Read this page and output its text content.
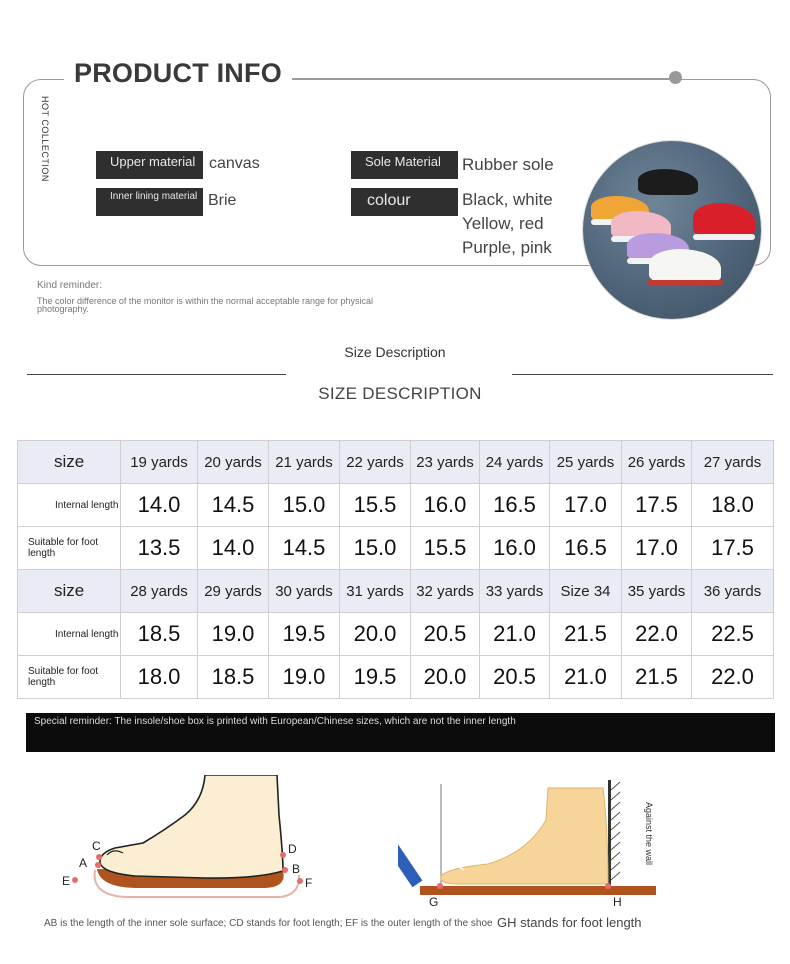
PRODUCT INFO
HOT COLLECTION	Upper material canvas
Inner lining material Brie
Sole Material	Rubber sole
colour	Black, white
Yellow, red
Purple, pink
Kind reminder:
The color difference of the monitor is within the normal acceptable range for physical photography.
Size Description
SIZE DESCRIPTION
size	19 yards	20 yards	21 yards	22 yards	23 yards	24 yards	25 yards	26 yards	27 yards
Internal length	14.0	14.5	15.0	15.5	16.0	16.5	17.0	17.5	18.0
Suitable for foot length	13.5	14.0	14.5	15.0	15.5	16.0	16.5	17.0	17.5
size	28 yards	29 yards	30 yards	31 yards	32 yards	33 yards	Size 34	35 yards	36 yards
Internal length	18.5	19.0	19.5	20.0	20.5	21.0	21.5	22.0	22.5
Suitable for foot length	18.0	18.5	19.0	19.5	20.0	20.5	21.0	21.5	22.0
Special reminder: The insole/shoe box is printed with European/Chinese sizes, which are not the inner length
C
A
E
D
B
F
Against the wall
G	H
AB is the length of the inner sole surface; CD stands for foot length; EF is the outer length of the shoe GH stands for foot length
